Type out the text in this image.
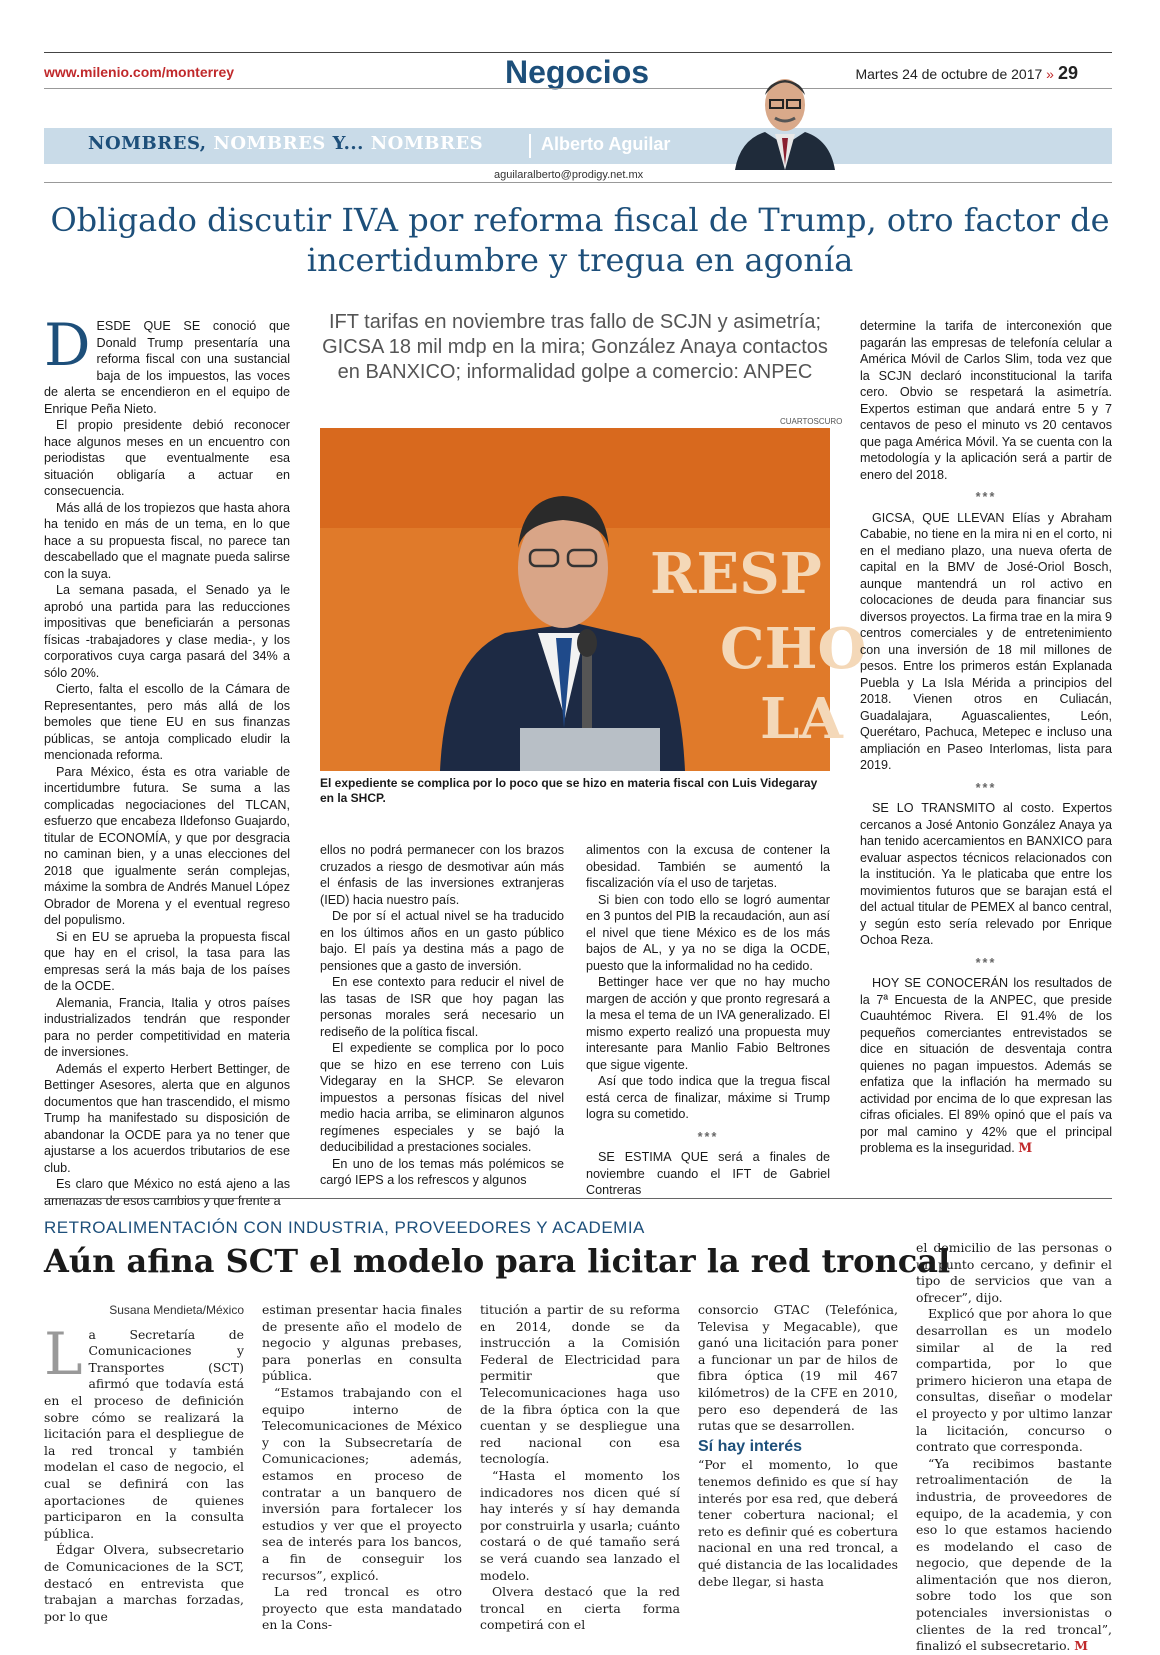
www.milenio.com/monterrey	Negocios	Martes 24 de octubre de 2017 » 29
NOMBRES, NOMBRES Y... NOMBRES	Alberto Aguilar
aguilaralberto@prodigy.net.mx
Obligado discutir IVA por reforma fiscal de Trump, otro factor de incertidumbre y tregua en agonía

DESDE QUE SE conoció que Donald Trump presentaría una reforma fiscal con una sustancial baja de los impuestos, las voces de alerta se encendieron en el equipo de Enrique Peña Nieto.

El propio presidente debió reconocer hace algunos meses en un encuentro con periodistas que eventualmente esa situación obligaría a actuar en consecuencia.

Más allá de los tropiezos que hasta ahora ha tenido en más de un tema, en lo que hace a su propuesta fiscal, no parece tan descabellado que el magnate pueda salirse con la suya.

La semana pasada, el Senado ya le aprobó una partida para las reducciones impositivas que beneficiarán a personas físicas -trabajadores y clase media-, y los corporativos cuya carga pasará del 34% a sólo 20%.

Cierto, falta el escollo de la Cámara de Representantes, pero más allá de los bemoles que tiene EU en sus finanzas públicas, se antoja complicado eludir la mencionada reforma.

Para México, ésta es otra variable de incertidumbre futura. Se suma a las complicadas negociaciones del TLCAN, esfuerzo que encabeza Ildefonso Guajardo, titular de ECONOMÍA, y que por desgracia no caminan bien, y a unas elecciones del 2018 que igualmente serán complejas, máxime la sombra de Andrés Manuel López Obrador de Morena y el eventual regreso del populismo.

Si en EU se aprueba la propuesta fiscal que hay en el crisol, la tasa para las empresas será la más baja de los países de la OCDE.

Alemania, Francia, Italia y otros países industrializados tendrán que responder para no perder competitividad en materia de inversiones.

Además el experto Herbert Bettinger, de Bettinger Asesores, alerta que en algunos documentos que han trascendido, el mismo Trump ha manifestado su disposición de abandonar la OCDE para ya no tener que ajustarse a los acuerdos tributarios de ese club.

Es claro que México no está ajeno a las amenazas de esos cambios y que frente a

IFT tarifas en noviembre tras fallo de SCJN y asimetría; GICSA 18 mil mdp en la mira; González Anaya contactos en BANXICO; informalidad golpe a comercio: ANPEC
CUARTOSCURO
RESP
CHO
LA
El expediente se complica por lo poco que se hizo en materia fiscal con Luis Videgaray en la SHCP.

ellos no podrá permanecer con los brazos cruzados a riesgo de desmotivar aún más el énfasis de las inversiones extranjeras (IED) hacia nuestro país.

De por sí el actual nivel se ha traducido en los últimos años en un gasto público bajo. El país ya destina más a pago de pensiones que a gasto de inversión.

En ese contexto para reducir el nivel de las tasas de ISR que hoy pagan las personas morales será necesario un rediseño de la política fiscal.

El expediente se complica por lo poco que se hizo en ese terreno con Luis Videgaray en la SHCP. Se elevaron impuestos a personas físicas del nivel medio hacia arriba, se eliminaron algunos regímenes especiales y se bajó la deducibilidad a prestaciones sociales.

En uno de los temas más polémicos se cargó IEPS a los refrescos y algunos

alimentos con la excusa de contener la obesidad. También se aumentó la fiscalización vía el uso de tarjetas.

Si bien con todo ello se logró aumentar en 3 puntos del PIB la recaudación, aun así el nivel que tiene México es de los más bajos de AL, y ya no se diga la OCDE, puesto que la informalidad no ha cedido.

Bettinger hace ver que no hay mucho margen de acción y que pronto regresará a la mesa el tema de un IVA generalizado. El mismo experto realizó una propuesta muy interesante para Manlio Fabio Beltrones que sigue vigente.

Así que todo indica que la tregua fiscal está cerca de finalizar, máxime si Trump logra su cometido.

***

SE ESTIMA QUE será a finales de noviembre cuando el IFT de Gabriel Contreras

determine la tarifa de interconexión que pagarán las empresas de telefonía celular a América Móvil de Carlos Slim, toda vez que la SCJN declaró inconstitucional la tarifa cero. Obvio se respetará la asimetría. Expertos estiman que andará entre 5 y 7 centavos de peso el minuto vs 20 centavos que paga América Móvil. Ya se cuenta con la metodología y la aplicación será a partir de enero del 2018.

***

GICSA, QUE LLEVAN Elías y Abraham Cababie, no tiene en la mira ni en el corto, ni en el mediano plazo, una nueva oferta de capital en la BMV de José-Oriol Bosch, aunque mantendrá un rol activo en colocaciones de deuda para financiar sus diversos proyectos. La firma trae en la mira 9 centros comerciales y de entretenimiento con una inversión de 18 mil millones de pesos. Entre los primeros están Explanada Puebla y La Isla Mérida a principios del 2018. Vienen otros en Culiacán, Guadalajara, Aguascalientes, León, Querétaro, Pachuca, Metepec e incluso una ampliación en Paseo Interlomas, lista para 2019.

***

SE LO TRANSMITO al costo. Expertos cercanos a José Antonio González Anaya ya han tenido acercamientos en BANXICO para evaluar aspectos técnicos relacionados con la institución. Ya le platicaba que entre los movimientos futuros que se barajan está el del actual titular de PEMEX al banco central, y según esto sería relevado por Enrique Ochoa Reza.

***

HOY SE CONOCERÁN los resultados de la 7ª Encuesta de la ANPEC, que preside Cuauhtémoc Rivera. El 91.4% de los pequeños comerciantes entrevistados se dice en situación de desventaja contra quienes no pagan impuestos. Además se enfatiza que la inflación ha mermado su actividad por encima de lo que expresan las cifras oficiales. El 89% opinó que el país va por mal camino y 42% que el principal problema es la inseguridad. M

RETROALIMENTACIÓN CON INDUSTRIA, PROVEEDORES Y ACADEMIA
Aún afina SCT el modelo para licitar la red troncal
Susana Mendieta/México

La Secretaría de Comunicaciones y Transportes (SCT) afirmó que todavía está en el proceso de definición sobre cómo se realizará la licitación para el despliegue de la red troncal y también modelan el caso de negocio, el cual se definirá con las aportaciones de quienes participaron en la consulta pública.

Édgar Olvera, subsecretario de Comunicaciones de la SCT, destacó en entrevista que trabajan a marchas forzadas, por lo que

estiman presentar hacia finales de presente año el modelo de negocio y algunas prebases, para ponerlas en consulta pública.

“Estamos trabajando con el equipo interno de Telecomunicaciones de México y con la Subsecretaría de Comunicaciones; además, estamos en proceso de contratar a un banquero de inversión para fortalecer los estudios y ver que el proyecto sea de interés para los bancos, a fin de conseguir los recursos”, explicó.

La red troncal es otro proyecto que esta mandatado en la Cons-

titución a partir de su reforma en 2014, donde se da instrucción a la Comisión Federal de Electricidad para permitir que Telecomunicaciones haga uso de la fibra óptica con la que cuentan y se despliegue una red nacional con esa tecnología.

“Hasta el momento los indicadores nos dicen qué sí hay interés y sí hay demanda por construirla y usarla; cuánto costará o de qué tamaño será se verá cuando sea lanzado el modelo.

Olvera destacó que la red troncal en cierta forma competirá con el

consorcio GTAC (Telefónica, Televisa y Megacable), que ganó una licitación para poner a funcionar un par de hilos de fibra óptica (19 mil 467 kilómetros) de la CFE en 2010, pero eso dependerá de las rutas que se desarrollen.

Sí hay interés

“Por el momento, lo que tenemos definido es que sí hay interés por esa red, que deberá tener cobertura nacional; el reto es definir qué es cobertura nacional en una red troncal, a qué distancia de las localidades debe llegar, si hasta

el domicilio de las personas o un punto cercano, y definir el tipo de servicios que van a ofrecer”, dijo.

Explicó que por ahora lo que desarrollan es un modelo similar al de la red compartida, por lo que primero hicieron una etapa de consultas, diseñar o modelar el proyecto y por ultimo lanzar la licitación, concurso o contrato que corresponda.

“Ya recibimos bastante retroalimentación de la industria, de proveedores de equipo, de la academia, y con eso lo que estamos haciendo es modelando el caso de negocio, que depende de la alimentación que nos dieron, sobre todo los que son potenciales inversionistas o clientes de la red troncal”, finalizó el subsecretario. M
